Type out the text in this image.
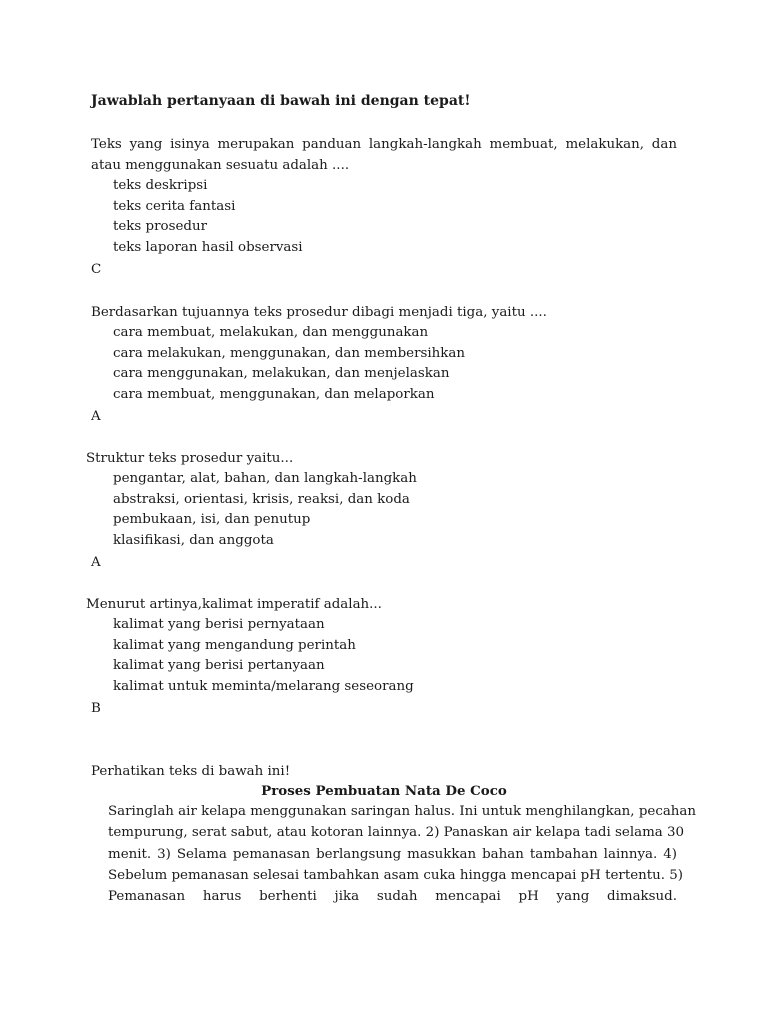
Jawablah pertanyaan di bawah ini dengan tepat!
Teks yang isinya merupakan panduan langkah-langkah membuat, melakukan, dan atau menggunakan sesuatu adalah ....
teks deskripsi
teks cerita fantasi
teks prosedur
teks laporan hasil observasi
C
Berdasarkan tujuannya teks prosedur dibagi menjadi tiga, yaitu ....
cara membuat, melakukan, dan menggunakan
cara melakukan, menggunakan, dan membersihkan
cara menggunakan, melakukan, dan menjelaskan
cara membuat, menggunakan, dan melaporkan
A
Struktur teks prosedur yaitu...
pengantar, alat, bahan, dan langkah-langkah
abstraksi, orientasi, krisis, reaksi, dan koda
pembukaan, isi, dan penutup
klasifikasi, dan anggota
A
Menurut artinya,kalimat imperatif adalah...
kalimat yang berisi pernyataan
kalimat yang mengandung perintah
kalimat yang berisi pertanyaan
kalimat untuk meminta/melarang seseorang
B
Perhatikan teks di bawah ini!
Proses Pembuatan Nata De Coco
Saringlah air kelapa menggunakan saringan halus. Ini untuk menghilangkan, pecahan
tempurung, serat sabut, atau kotoran lainnya. 2) Panaskan air kelapa tadi selama 30
menit. 3) Selama pemanasan berlangsung masukkan bahan tambahan lainnya. 4)
Sebelum pemanasan selesai tambahkan asam cuka hingga mencapai pH tertentu. 5)
Pemanasan harus berhenti jika sudah mencapai pH yang dimaksud.
